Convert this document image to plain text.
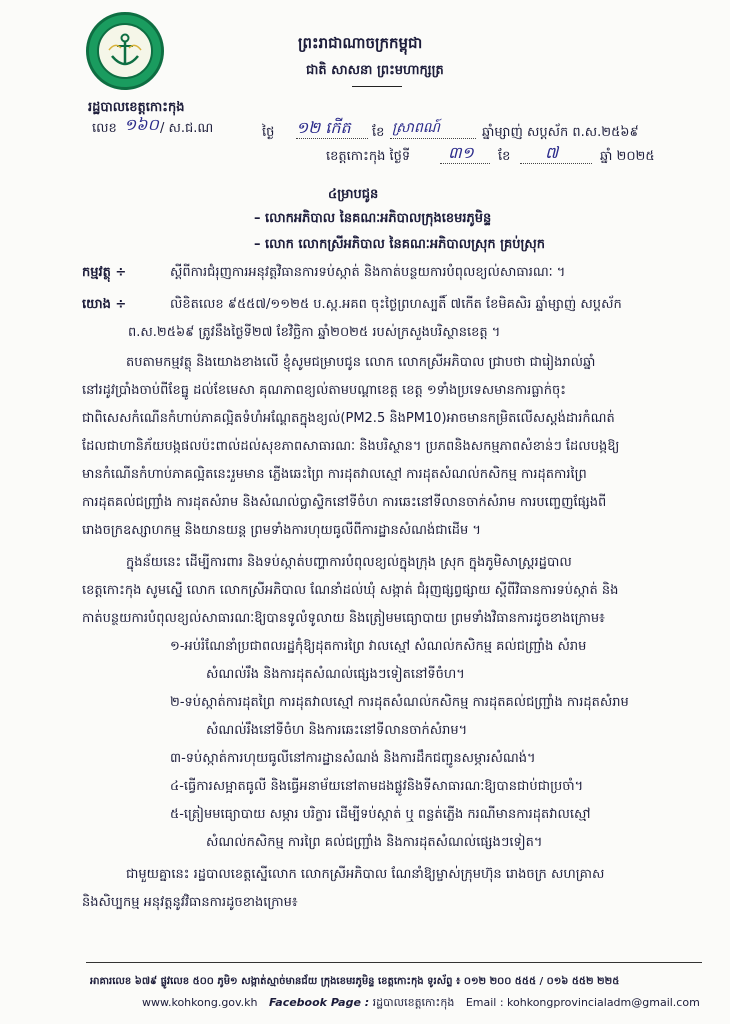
ព្រះរាជាណាចក្រកម្ពុជា
ជាតិ សាសនា ព្រះមហាក្សត្រ
រដ្ឋបាលខេត្តកោះកុង
លេខ ១៦០ / ស.ជ.ណ	ថ្ងៃ ១២ កើត ខែ ស្រាពណ៍	ឆ្នាំម្សាញ់ សប្តស័ក ព.ស.២៥៦៩
ខេត្តកោះកុង ថ្ងៃទី ៣១ ខែ ៧	ឆ្នាំ ២០២៥
៤ម្រាបជូន
– លោកអភិបាល នៃគណៈអភិបាលក្រុងខេមរភូមិន្ទ
– លោក លោកស្រីអភិបាល នៃគណៈអភិបាលស្រុក គ្រប់ស្រុក
កម្មវត្ថុ ÷	ស្តីពីការជំរុញការអនុវត្តវិធានការទប់ស្កាត់ និងកាត់បន្ថយការបំពុលខ្យល់សាធារណៈ ។
យោង ÷	លិខិតលេខ ៩៥៥៧/១១២៥ ប.ស្ក.អគព ចុះថ្ងៃព្រហស្បតិ៍ ៧កើត ខែមិគសិរ ឆ្នាំម្សាញ់ សប្តស័ក
ព.ស.២៥៦៩ ត្រូវនឹងថ្ងៃទី២៧ ខែវិច្ឆិកា ឆ្នាំ២០២៥ របស់ក្រសួងបរិស្ថានខេត្ត ។

តបតាមកម្មវត្ថុ និងយោងខាងលើ ខ្ញុំសូមជម្រាបជូន លោក លោកស្រីអភិបាល ជ្រាបថា ជារៀងរាល់ឆ្នាំ

នៅរដូវប្រាំងចាប់ពីខែធ្នូ ដល់ខែមេសា គុណភាពខ្យល់តាមបណ្តាខេត្ត ខេត្ត ១ទាំងប្រទេសមានការធ្លាក់ចុះ

ជាពិសេសកំណើនកំហាប់ភាគល្អិតទំហំអណ្តែតក្នុងខ្យល់(PM2.5 និងPM10)អាចមានកម្រិតលើសស្តង់ដារកំណត់

ដែលជាហានិភ័យបង្កផលប៉ះពាល់ដល់សុខភាពសាធារណៈ និងបរិស្ថាន។ ប្រភពនិងសកម្មភាពសំខាន់ៗ ដែលបង្កឱ្យ

មានកំណើនកំហាប់ភាគល្អិតនេះរួមមាន ភ្លើងឆេះព្រៃ ការដុតវាលស្មៅ ការដុតសំណល់កសិកម្ម ការដុតការព្រៃ

ការដុតគល់ជញ្ជ្រាំង ការដុតសំរាម និងសំណល់ប្លាស្ទិកនៅទីចំហ ការឆេះនៅទីលានចាក់សំរាម ការបញ្ចេញផ្សែងពី

រោងចក្រឧស្សាហកម្ម និងយានយន្ត ព្រមទាំងការហុយធូលីពីការដ្ឋានសំណង់ជាដើម ។

ក្នុងន័យនេះ ដើម្បីការពារ និងទប់ស្កាត់បញ្ហាការបំពុលខ្យល់ក្នុងក្រុង ស្រុក ក្នុងភូមិសាស្ត្ររដ្ឋបាល

ខេត្តកោះកុង សូមស្នើ លោក លោកស្រីអភិបាល ណែនាំដល់ឃុំ សង្កាត់ ជំរុញផ្សព្វផ្សាយ ស្តីពីវិធានការទប់ស្កាត់ និង

កាត់បន្ថយការបំពុលខ្យល់សាធារណៈឱ្យបានទូលំទូលាយ និងត្រៀមមធ្យោបាយ ព្រមទាំងវិធានការដូចខាងក្រោម៖

១-អប់រំណែនាំប្រជាពលរដ្ឋកុំឱ្យដុតការព្រៃ វាលស្មៅ សំណល់កសិកម្ម គល់ជញ្ជ្រាំង សំរាម

សំណល់រឹង និងការដុតសំណល់ផ្សេងៗទៀតនៅទីចំហ។

២-ទប់ស្កាត់ការដុតព្រៃ ការដុតវាលស្មៅ ការដុតសំណល់កសិកម្ម ការដុតគល់ជញ្ជ្រាំង ការដុតសំរាម

សំណល់រឹងនៅទីចំហ និងការឆេះនៅទីលានចាក់សំរាម។

៣-ទប់ស្កាត់ការហុយធូលីនៅការដ្ឋានសំណង់ និងការដឹកជញ្ជូនសម្ភារសំណង់។

៤-ធ្វើការសម្អាតធូលី និងធ្វើអនាម័យនៅតាមដងផ្លូវនិងទីសាធារណៈឱ្យបានជាប់ជាប្រចាំ។

៥-ត្រៀមមធ្យោបាយ សម្ភារ បរិក្ខារ ដើម្បីទប់ស្កាត់ ឬ ពន្លត់ភ្លើង ករណីមានការដុតវាលស្មៅ

សំណល់កសិកម្ម ការព្រៃ គល់ជញ្ជ្រាំង និងការដុតសំណល់ផ្សេងៗទៀត។

ជាមួយគ្នានេះ រដ្ឋបាលខេត្តស្នើលោក លោកស្រីអភិបាល ណែនាំឱ្យម្ចាស់ក្រុមហ៊ុន រោងចក្រ សហគ្រាស

និងសិប្បកម្ម អនុវត្តនូវវិធានការដូចខាងក្រោម៖

អាគារលេខ ៦៧៩ ផ្លូវលេខ ៥០០ ភូមិ១ សង្កាត់ស្មាច់មានជ័យ ក្រុងខេមរភូមិន្ទ ខេត្តកោះកុង ទូរស័ព្ទ ៖ ០១២ ២០០ ៥៥៥ / ០១៦ ៥៥២ ២២៥
www.kohkong.gov.kh Facebook Page : រដ្ឋបាលខេត្តកោះកុង Email : kohkongprovincialadm@gmail.com
